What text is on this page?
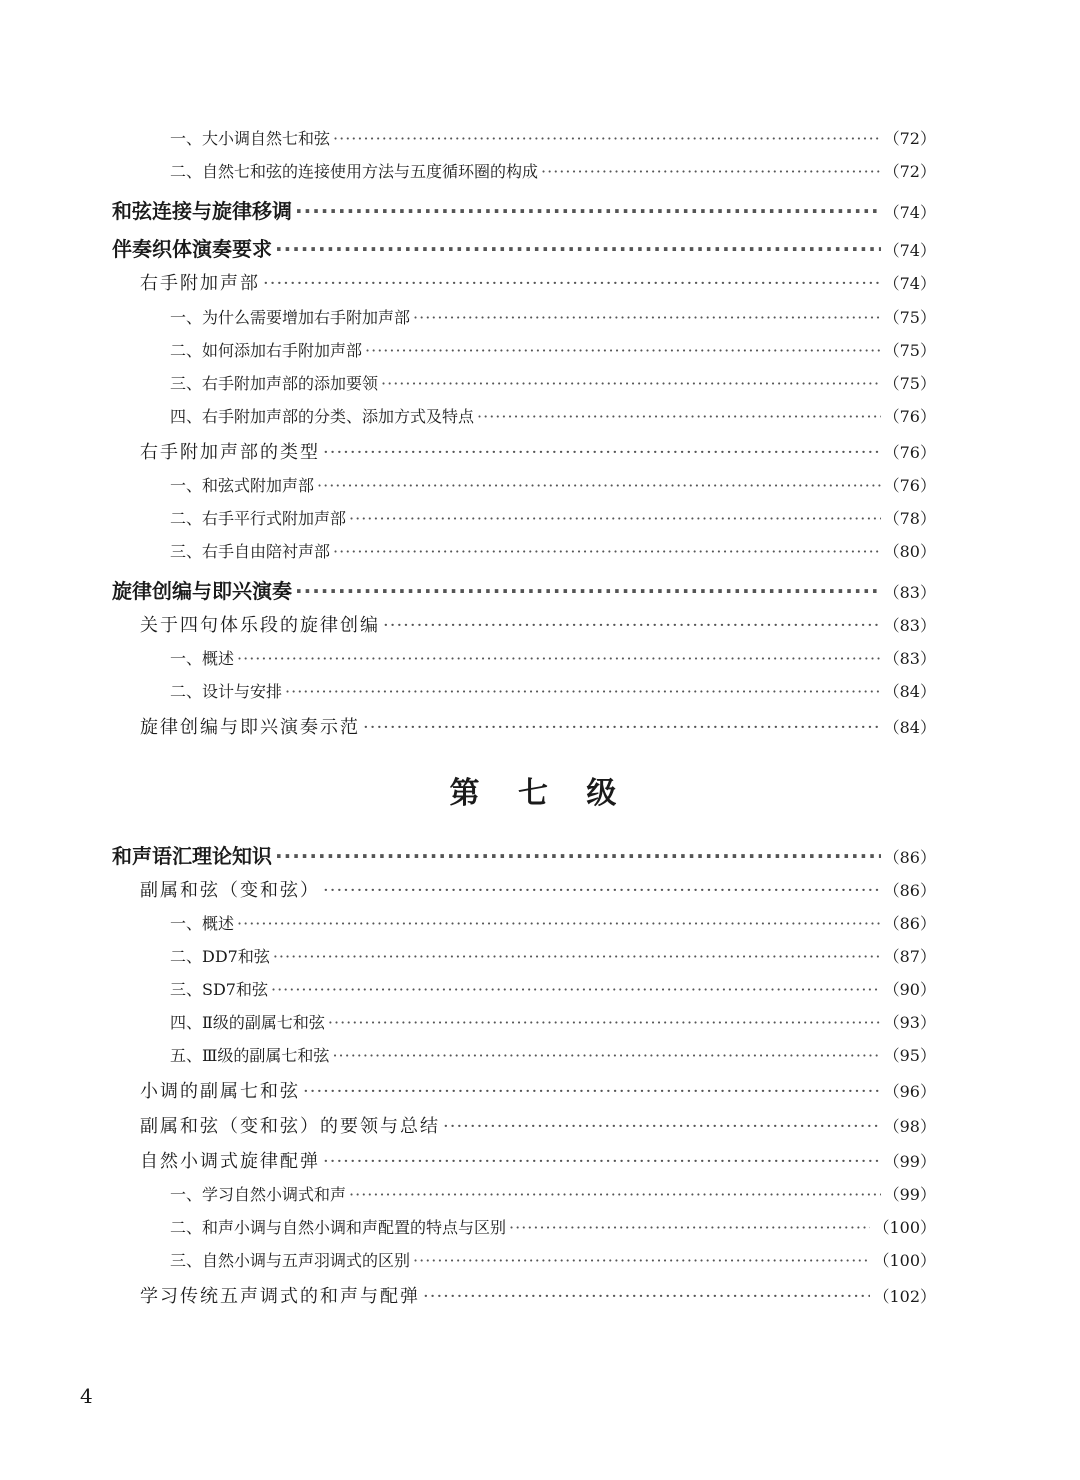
一、大小调自然七和弦 ·····	（72）
二、自然七和弦的连接使用方法与五度循环圈的构成 ·····	（72）
和弦连接与旋律移调 ·····	（74）
伴奏织体演奏要求 ·····	（74）
右手附加声部 ·····	（74）
一、为什么需要增加右手附加声部 ·····	（75）
二、如何添加右手附加声部 ·····	（75）
三、右手附加声部的添加要领 ·····	（75）
四、右手附加声部的分类、添加方式及特点 ·····	（76）
右手附加声部的类型 ·····	（76）
一、和弦式附加声部 ·····	（76）
二、右手平行式附加声部 ·····	（78）
三、右手自由陪衬声部 ·····	（80）
旋律创编与即兴演奏 ·····	（83）
关于四句体乐段的旋律创编 ·····	（83）
一、概述 ·····	（83）
二、设计与安排 ·····	（84）
旋律创编与即兴演奏示范 ·····	（84）
第 七 级
和声语汇理论知识 ·····	（86）
副属和弦（变和弦） ·····	（86）
一、概述 ·····	（86）
二、DD7和弦 ·····	（87）
三、SD7和弦 ·····	（90）
四、Ⅱ级的副属七和弦 ·····	（93）
五、Ⅲ级的副属七和弦 ·····	（95）
小调的副属七和弦 ·····	（96）
副属和弦（变和弦）的要领与总结 ·····	（98）
自然小调式旋律配弹 ·····	（99）
一、学习自然小调式和声 ·····	（99）
二、和声小调与自然小调和声配置的特点与区别 ·····	（100）
三、自然小调与五声羽调式的区别 ·····	（100）
学习传统五声调式的和声与配弹 ·····	（102）
4
